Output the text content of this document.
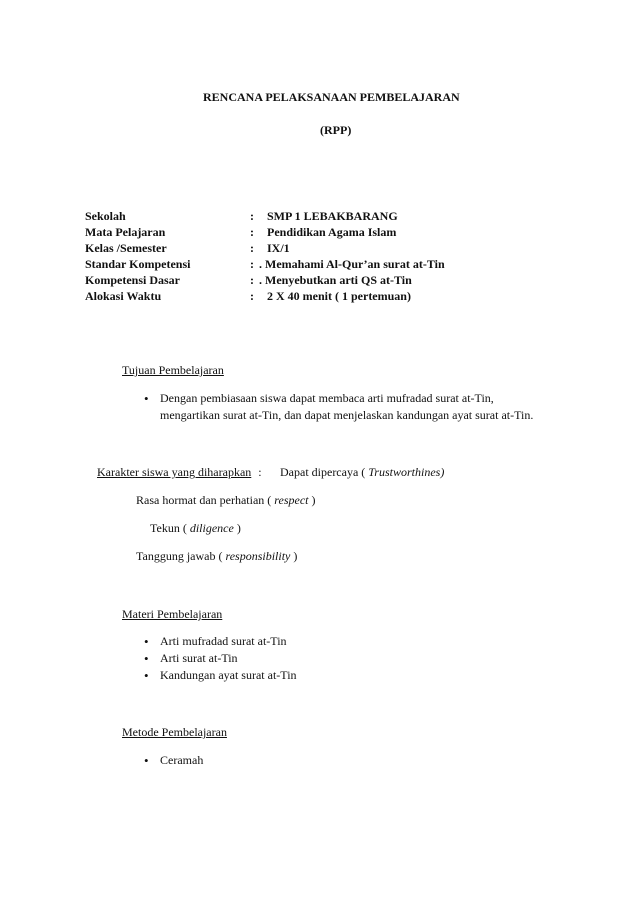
RENCANA PELAKSANAAN PEMBELAJARAN
(RPP)
Sekolah	: SMP 1 LEBAKBARANG
Mata Pelajaran	: Pendidikan Agama Islam
Kelas /Semester	: IX/1
Standar Kompetensi	: . Memahami Al-Qur’an surat at-Tin
Kompetensi Dasar	: . Menyebutkan arti QS at-Tin
Alokasi Waktu	: 2 X 40 menit ( 1 pertemuan)
Tujuan Pembelajaran
• Dengan pembiasaan siswa dapat membaca arti mufradad surat at-Tin,
mengartikan surat at-Tin, dan dapat menjelaskan kandungan ayat surat at-Tin.
Karakter siswa yang diharapkan : Dapat dipercaya ( Trustworthines)
Rasa hormat dan perhatian ( respect )
Tekun ( diligence )
Tanggung jawab ( responsibility )
Materi Pembelajaran
• Arti mufradad surat at-Tin
• Arti surat at-Tin
• Kandungan ayat surat at-Tin
Metode Pembelajaran
• Ceramah
